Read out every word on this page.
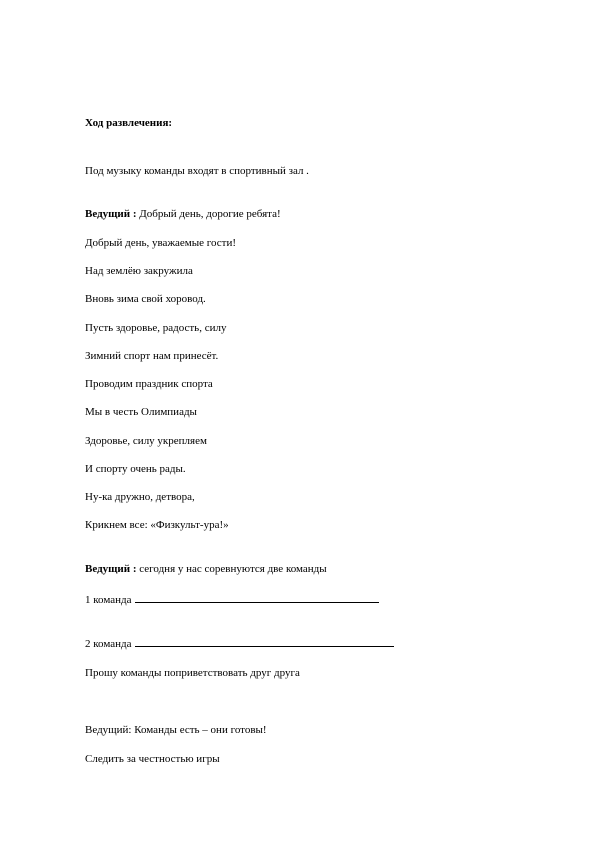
Ход развлечения:
Под музыку команды входят в спортивный зал .
Ведущий : Добрый день, дорогие ребята!
Добрый день, уважаемые гости!
Над землёю закружила
Вновь зима свой хоровод.
Пусть здоровье, радость, силу
Зимний спорт нам принесёт.
Проводим праздник спорта
Мы в честь Олимпиады
Здоровье, силу укрепляем
И спорту очень рады.
Ну-ка дружно, детвора,
Крикнем все: «Физкульт-ура!»
Ведущий : сегодня у нас соревнуются две команды
1 команда
2 команда
Прошу команды поприветствовать друг друга
Ведущий: Команды есть – они готовы!
Следить за честностью игры
